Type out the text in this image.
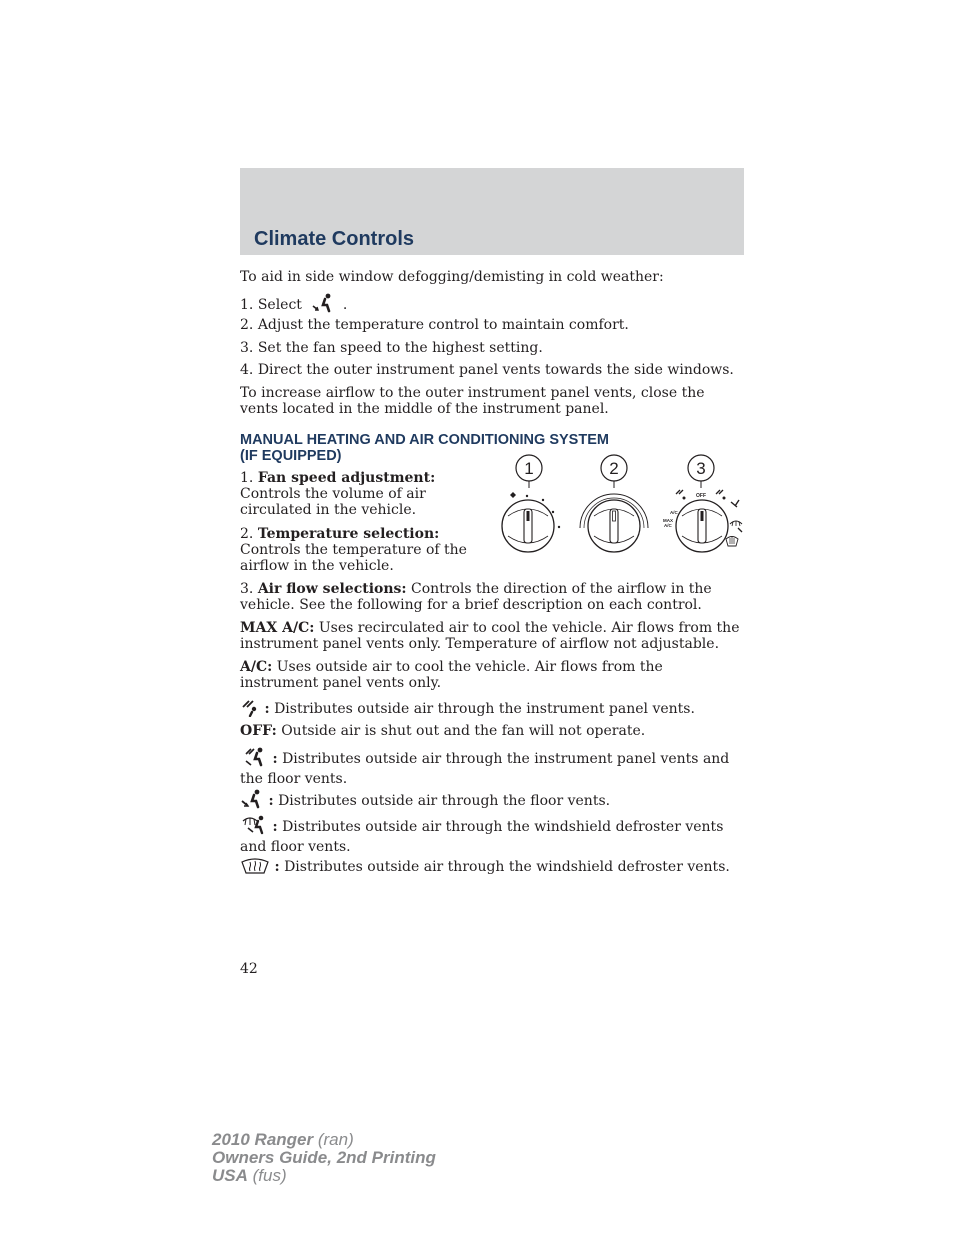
Climate Controls
To aid in side window defogging/demisting in cold weather:
1. Select	.
2. Adjust the temperature control to maintain comfort.
3. Set the fan speed to the highest setting.
4. Direct the outer instrument panel vents towards the side windows.
To increase airflow to the outer instrument panel vents, close the vents located in the middle of the instrument panel.
MANUAL HEATING AND AIR CONDITIONING SYSTEM
(IF EQUIPPED)
1. Fan speed adjustment: Controls the volume of air circulated in the vehicle.
2. Temperature selection: Controls the temperature of the airflow in the vehicle.
1	2	3
OFF
A/C
MAX
A/C
3. Air flow selections: Controls the direction of the airflow in the vehicle. See the following for a brief description on each control.
MAX A/C: Uses recirculated air to cool the vehicle. Air flows from the instrument panel vents only. Temperature of airflow not adjustable.
A/C: Uses outside air to cool the vehicle. Air flows from the instrument panel vents only.
: Distributes outside air through the instrument panel vents.
OFF: Outside air is shut out and the fan will not operate.
: Distributes outside air through the instrument panel vents and the floor vents.
: Distributes outside air through the floor vents.
: Distributes outside air through the windshield defroster vents and floor vents.
: Distributes outside air through the windshield defroster vents.
42
2010 Ranger (ran)
Owners Guide, 2nd Printing
USA (fus)
